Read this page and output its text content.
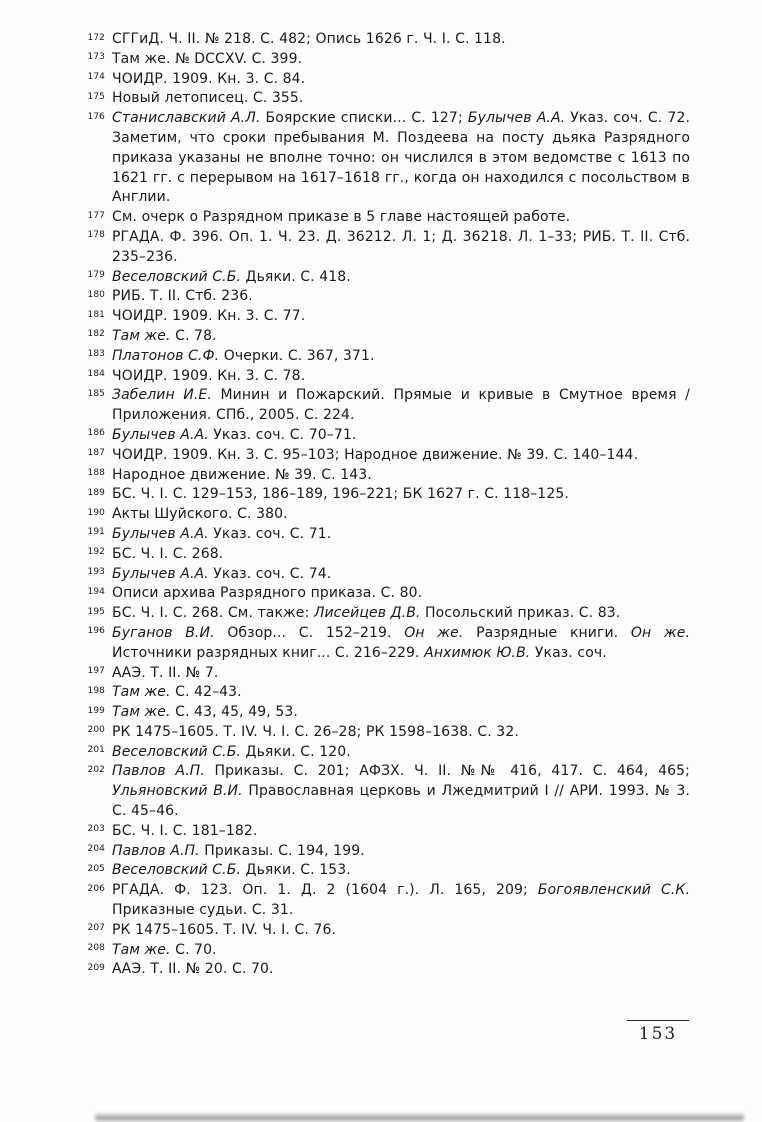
172 СГГиД. Ч. II. № 218. С. 482; Опись 1626 г. Ч. I. С. 118.
173 Там же. № DCCXV. С. 399.
174 ЧОИДР. 1909. Кн. 3. С. 84.
175 Новый летописец. С. 355.
176 Станиславский А.Л. Боярские списки... С. 127; Булычев А.А. Указ. соч. С. 72. Заметим, что сроки пребывания М. Поздеева на посту дьяка Разрядного приказа указаны не вполне точно: он числился в этом ведомстве с 1613 по 1621 гг. с перерывом на 1617–1618 гг., когда он находился с посольством в Англии.
177 См. очерк о Разрядном приказе в 5 главе настоящей работе.
178 РГАДА. Ф. 396. Оп. 1. Ч. 23. Д. 36212. Л. 1; Д. 36218. Л. 1–33; РИБ. Т. II. Стб. 235–236.
179 Веселовский С.Б. Дьяки. С. 418.
180 РИБ. Т. II. Стб. 236.
181 ЧОИДР. 1909. Кн. 3. С. 77.
182 Там же. С. 78.
183 Платонов С.Ф. Очерки. С. 367, 371.
184 ЧОИДР. 1909. Кн. 3. С. 78.
185 Забелин И.Е. Минин и Пожарский. Прямые и кривые в Смутное время / Приложения. СПб., 2005. С. 224.
186 Булычев А.А. Указ. соч. С. 70–71.
187 ЧОИДР. 1909. Кн. 3. С. 95–103; Народное движение. № 39. С. 140–144.
188 Народное движение. № 39. С. 143.
189 БС. Ч. I. С. 129–153, 186–189, 196–221; БК 1627 г. С. 118–125.
190 Акты Шуйского. С. 380.
191 Булычев А.А. Указ. соч. С. 71.
192 БС. Ч. I. С. 268.
193 Булычев А.А. Указ. соч. С. 74.
194 Описи архива Разрядного приказа. С. 80.
195 БС. Ч. I. С. 268. См. также: Лисейцев Д.В. Посольский приказ. С. 83.
196 Буганов В.И. Обзор... С. 152–219. Он же. Разрядные книги. Он же. Источники разрядных книг... С. 216–229. Анхимюк Ю.В. Указ. соч.
197 ААЭ. Т. II. № 7.
198 Там же. С. 42–43.
199 Там же. С. 43, 45, 49, 53.
200 РК 1475–1605. Т. IV. Ч. I. С. 26–28; РК 1598–1638. С. 32.
201 Веселовский С.Б. Дьяки. С. 120.
202 Павлов А.П. Приказы. С. 201; АФЗХ. Ч. II. №№ 416, 417. С. 464, 465; Ульяновский В.И. Православная церковь и Лжедмитрий I // АРИ. 1993. № 3. С. 45–46.
203 БС. Ч. I. С. 181–182.
204 Павлов А.П. Приказы. С. 194, 199.
205 Веселовский С.Б. Дьяки. С. 153.
206 РГАДА. Ф. 123. Оп. 1. Д. 2 (1604 г.). Л. 165, 209; Богоявленский С.К. Приказные судьи. С. 31.
207 РК 1475–1605. Т. IV. Ч. I. С. 76.
208 Там же. С. 70.
209 ААЭ. Т. II. № 20. С. 70.
153
